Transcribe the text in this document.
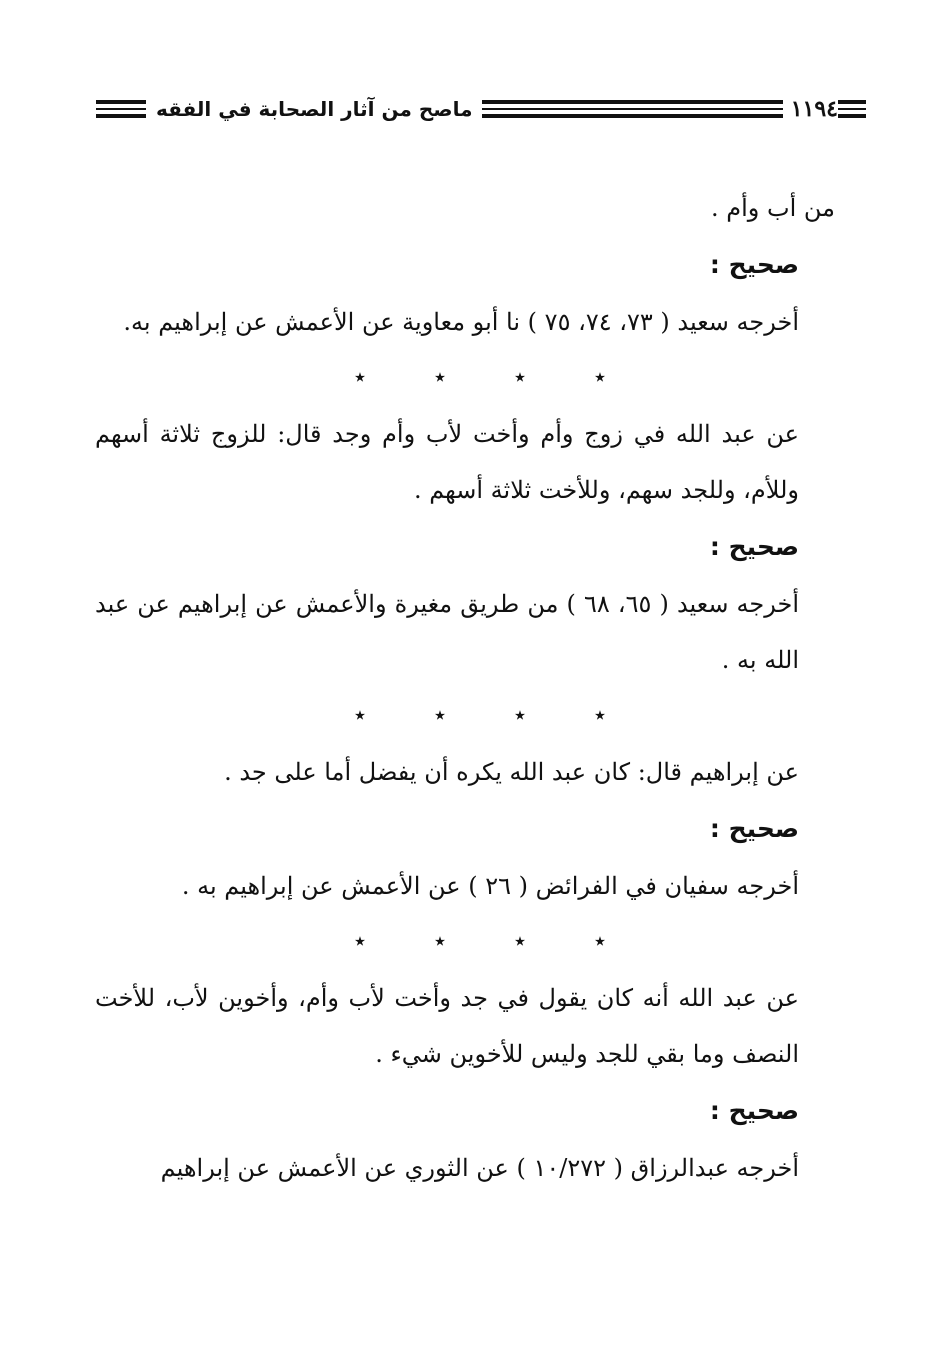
١١٩٤
ماصح من آثار الصحابة في الفقه

من أب وأم .

صحيح :

أخرجه سعيد ( ٧٣، ٧٤، ٧٥ ) نا أبو معاوية عن الأعمش عن إبراهيم به.

٭	٭	٭	٭

عن عبد الله في زوج وأم وأخت لأب وأم وجد قال: للزوج ثلاثة أسهم وللأم، وللجد سهم، وللأخت ثلاثة أسهم .

صحيح :

أخرجه سعيد ( ٦٥، ٦٨ ) من طريق مغيرة والأعمش عن إبراهيم عن عبد الله به .

٭	٭	٭	٭

عن إبراهيم قال: كان عبد الله يكره أن يفضل أما على جد .

صحيح :

أخرجه سفيان في الفرائض ( ٢٦ ) عن الأعمش عن إبراهيم به .

٭	٭	٭	٭

عن عبد الله أنه كان يقول في جد وأخت لأب وأم، وأخوين لأب، للأخت النصف وما بقي للجد وليس للأخوين شيء .

صحيح :

أخرجه عبدالرزاق ( ١٠/٢٧٢ ) عن الثوري عن الأعمش عن إبراهيم
